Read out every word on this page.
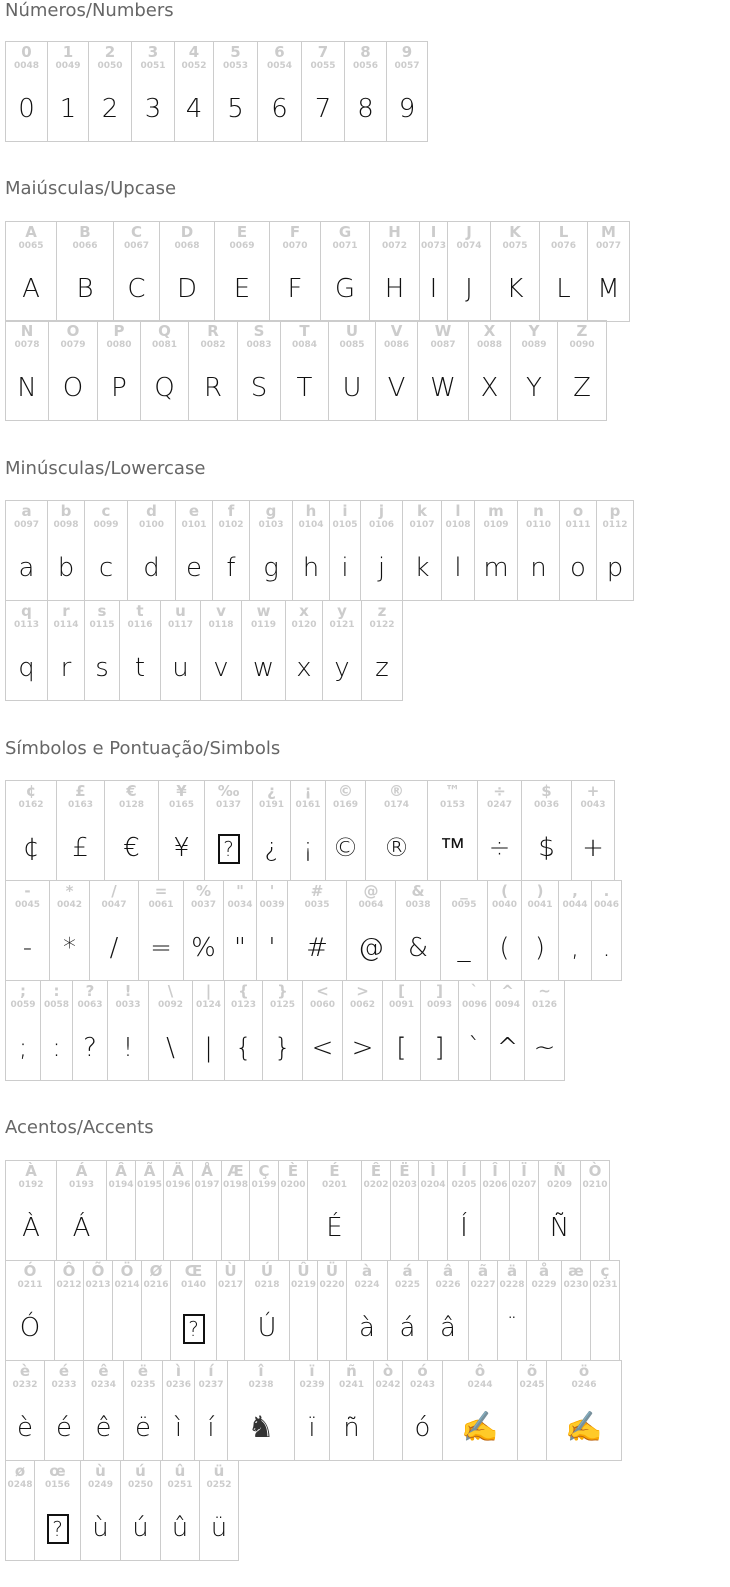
Números/Numbers
0
0048
0
1
0049
1
2
0050
2
3
0051
3
4
0052
4
5
0053
5
6
0054
6
7
0055
7
8
0056
8
9
0057
9
Maiúsculas/Upcase
A
0065
A
B
0066
B
C
0067
C
D
0068
D
E
0069
E
F
0070
F
G
0071
G
H
0072
H
I
0073
I
J
0074
J
K
0075
K
L
0076
L
M
0077
M
N
0078
N
O
0079
O
P
0080
P
Q
0081
Q
R
0082
R
S
0083
S
T
0084
T
U
0085
U
V
0086
V
W
0087
W
X
0088
X
Y
0089
Y
Z
0090
Z
Minúsculas/Lowercase
a
0097
a
b
0098
b
c
0099
c
d
0100
d
e
0101
e
f
0102
f
g
0103
g
h
0104
h
i
0105
i
j
0106
j
k
0107
k
l
0108
l
m
0109
m
n
0110
n
o
0111
o
p
0112
p
q
0113
q
r
0114
r
s
0115
s
t
0116
t
u
0117
u
v
0118
v
w
0119
w
x
0120
x
y
0121
y
z
0122
z
Símbolos e Pontuação/Simbols
¢
0162
¢
£
0163
£
€
0128
€
¥
0165
¥
‰
0137
?
¿
0191
¿
¡
0161
¡
©
0169
©
®
0174
®
™
0153
™
÷
0247
÷
$
0036
$
+
0043
+
-
0045
-
*
0042
*
/
0047
/
=
0061
=
%
0037
%
"
0034
"
'
0039
'
#
0035
#
@
0064
@
&
0038
&
_
0095
_
(
0040
(
)
0041
)
,
0044
,
.
0046
.
;
0059
;
:
0058
:
?
0063
?
!
0033
!
\
0092
\
|
0124
|
{
0123
{
}
0125
}
<
0060
<
>
0062
>
[
0091
[
]
0093
]
`
0096
`
^
0094
^
~
0126
~
Acentos/Accents
À
0192
À
Á
0193
Á
Â
0194
Ã
0195
Ä
0196
Å
0197
Æ
0198
Ç
0199
È
0200
É
0201
É
Ê
0202
Ë
0203
Ì
0204
Í
0205
Í
Î
0206
Ï
0207
Ñ
0209
Ñ
Ò
0210
Ó
0211
Ó
Ô
0212
Õ
0213
Ö
0214
Ø
0216
Œ
0140
?
Ù
0217
Ú
0218
Ú
Û
0219
Ü
0220
à
0224
à
á
0225
á
â
0226
â
ã
0227
ä
0228
¨
å
0229
æ
0230
ç
0231
è
0232
è
é
0233
é
ê
0234
ê
ë
0235
ë
ì
0236
ì
í
0237
í
î
0238
♞
ï
0239
ï
ñ
0241
ñ
ò
0242
ó
0243
ó
ô
0244
✍
õ
0245
ö
0246
✍
ø
0248
œ
0156
?
ù
0249
ù
ú
0250
ú
û
0251
û
ü
0252
ü
